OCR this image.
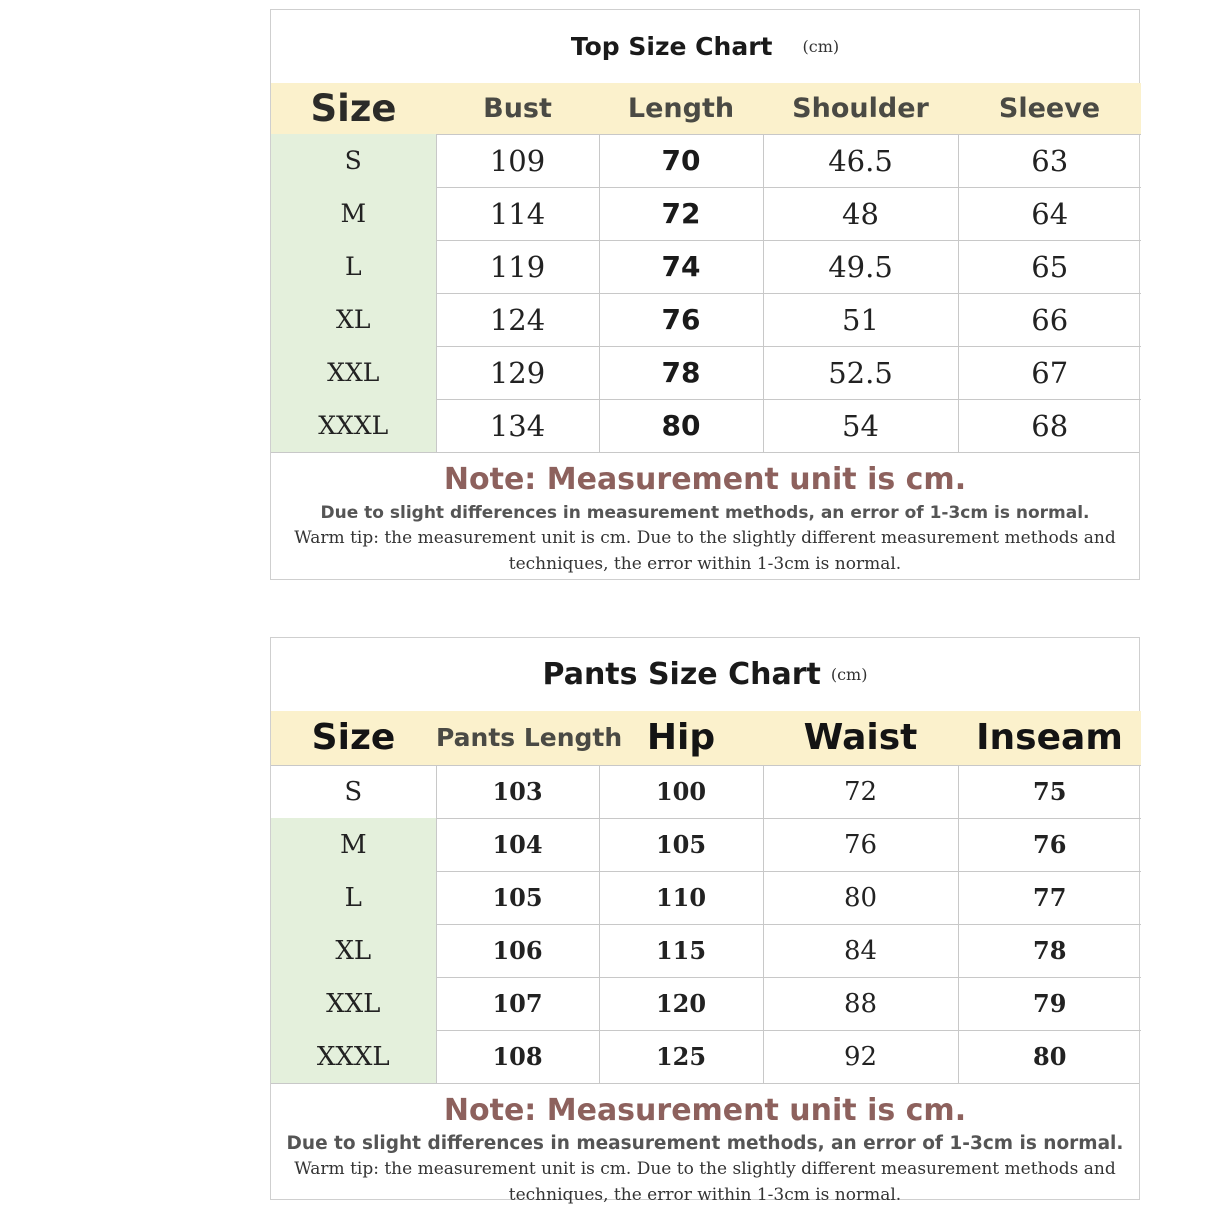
Top Size Chart (cm)
Size	Bust	Length	Shoulder	Sleeve
S	109	70	46.5	63
M	114	72	48	64
L	119	74	49.5	65
XL	124	76	51	66
XXL	129	78	52.5	67
XXXL	134	80	54	68
Note: Measurement unit is cm.
Due to slight differences in measurement methods, an error of 1-3cm is normal.
Warm tip: the measurement unit is cm. Due to the slightly different measurement methods and techniques, the error within 1-3cm is normal.
Pants Size Chart (cm)
Size	Pants Length	Hip	Waist	Inseam
S	103	100	72	75
M	104	105	76	76
L	105	110	80	77
XL	106	115	84	78
XXL	107	120	88	79
XXXL	108	125	92	80
Note: Measurement unit is cm.
Due to slight differences in measurement methods, an error of 1-3cm is normal.
Warm tip: the measurement unit is cm. Due to the slightly different measurement methods and techniques, the error within 1-3cm is normal.
